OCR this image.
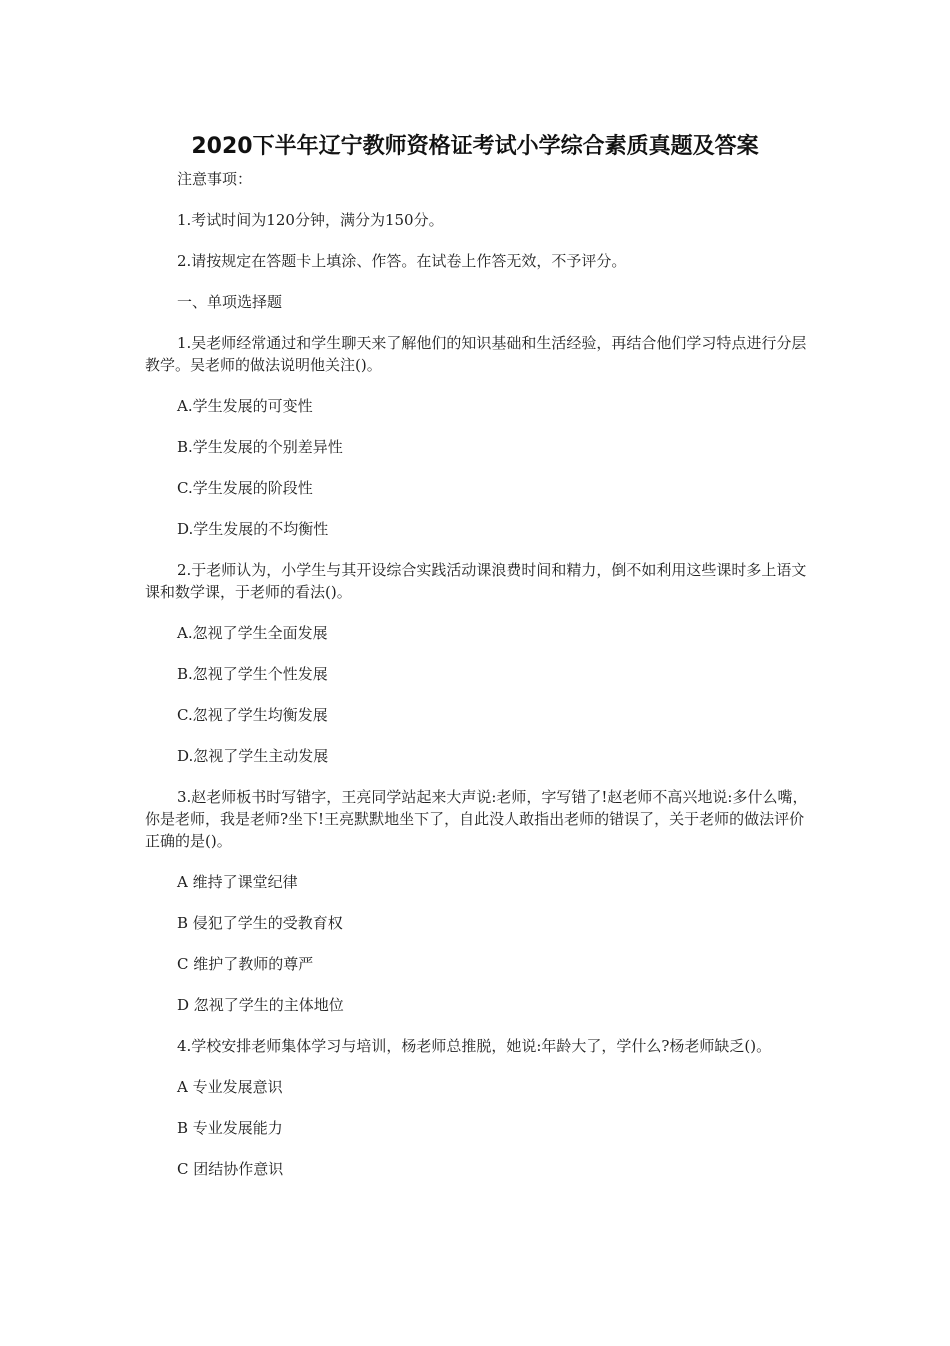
2020下半年辽宁教师资格证考试小学综合素质真题及答案

注意事项：

1.考试时间为120分钟，满分为150分。

2.请按规定在答题卡上填涂、作答。在试卷上作答无效，不予评分。

一、单项选择题

1.吴老师经常通过和学生聊天来了解他们的知识基础和生活经验，再结合他们学习特点进行分层教学。吴老师的做法说明他关注()。

A.学生发展的可变性

B.学生发展的个别差异性

C.学生发展的阶段性

D.学生发展的不均衡性

2.于老师认为，小学生与其开设综合实践活动课浪费时间和精力，倒不如利用这些课时多上语文课和数学课，于老师的看法()。

A.忽视了学生全面发展

B.忽视了学生个性发展

C.忽视了学生均衡发展

D.忽视了学生主动发展

3.赵老师板书时写错字，王亮同学站起来大声说:老师，字写错了!赵老师不高兴地说:多什么嘴，你是老师，我是老师?坐下!王亮默默地坐下了，自此没人敢指出老师的错误了，关于老师的做法评价正确的是()。

A 维持了课堂纪律

B 侵犯了学生的受教育权

C 维护了教师的尊严

D 忽视了学生的主体地位

4.学校安排老师集体学习与培训，杨老师总推脱，她说:年龄大了，学什么?杨老师缺乏()。

A 专业发展意识

B 专业发展能力

C 团结协作意识
